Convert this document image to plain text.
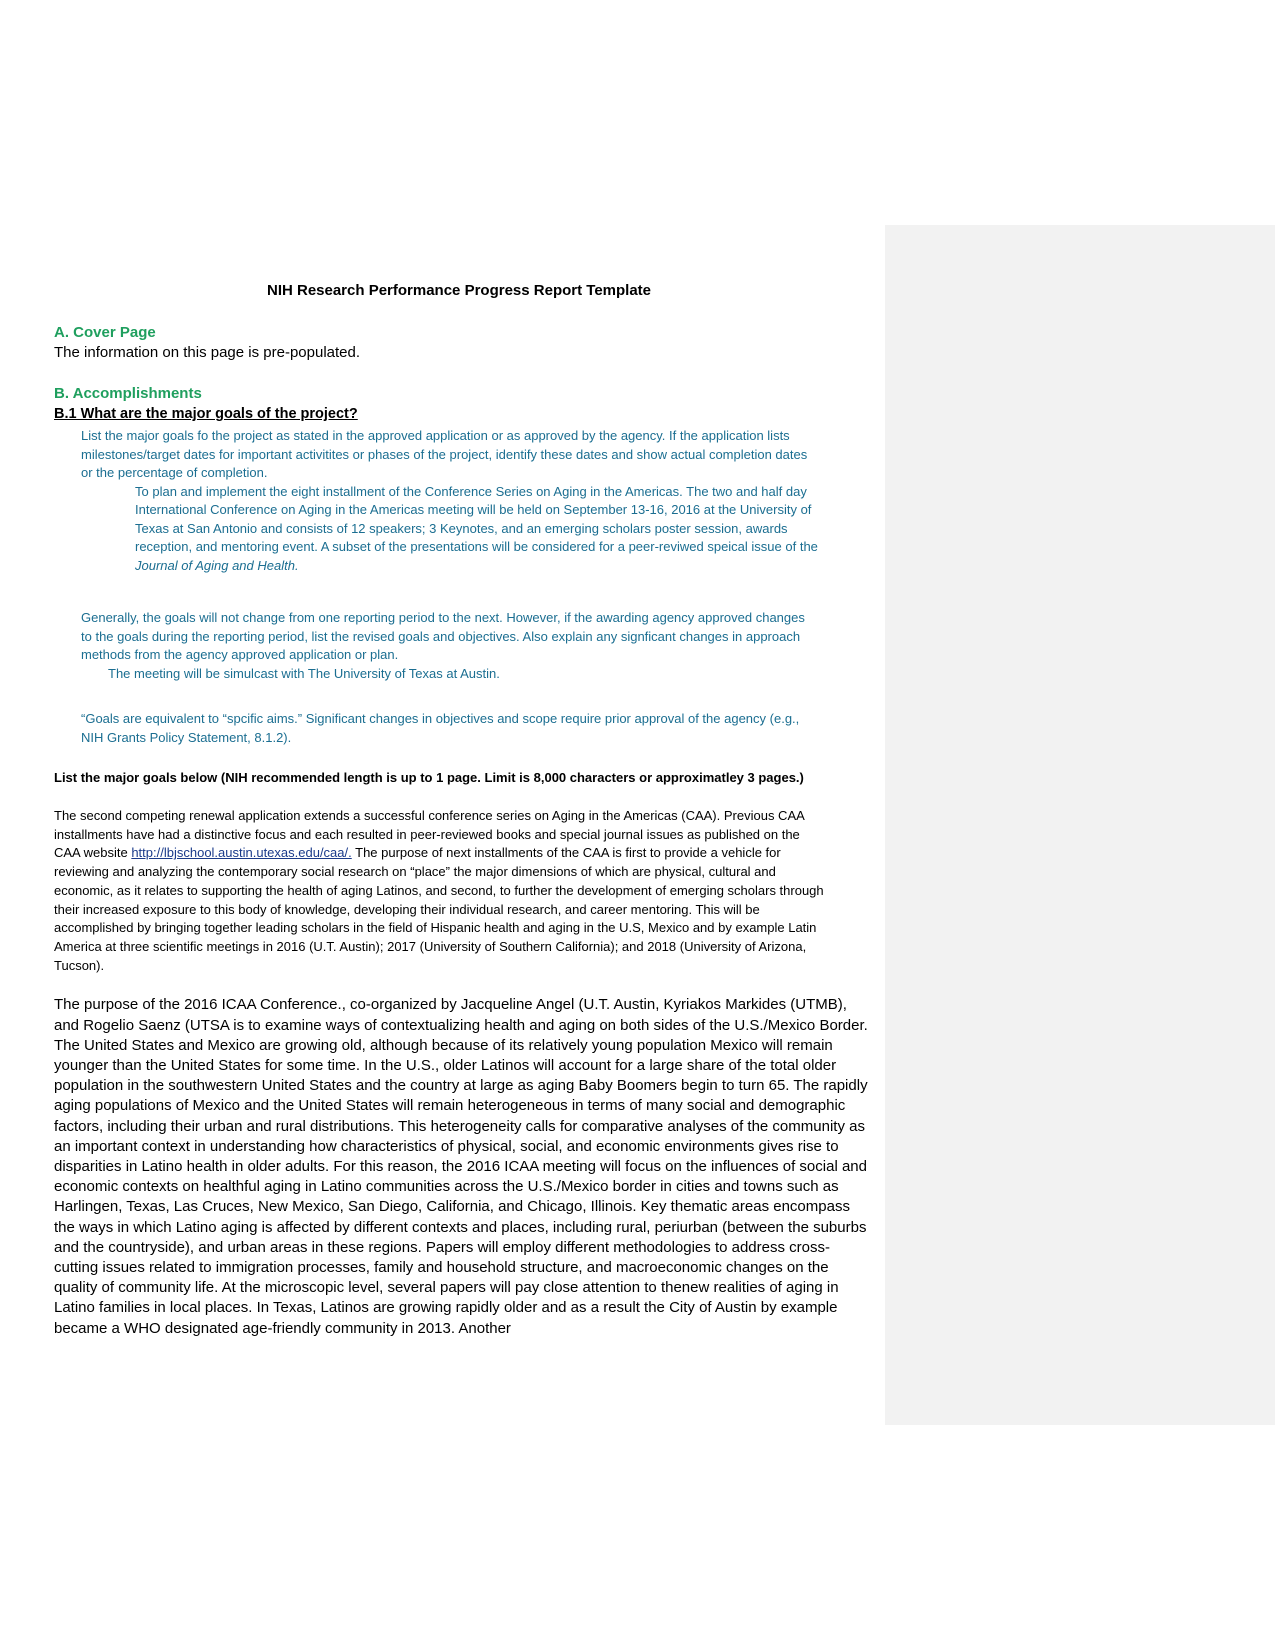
NIH Research Performance Progress Report Template

A. Cover Page

The information on this page is pre-populated.

B. Accomplishments

B.1 What are the major goals of the project?

List the major goals fo the project as stated in the approved application or as approved by the agency. If the application lists milestones/target dates for important activitites or phases of the project, identify these dates and show actual completion dates or the percentage of completion.

To plan and implement the eight installment of the Conference Series on Aging in the Americas. The two and half day International Conference on Aging in the Americas meeting will be held on September 13-16, 2016 at the University of Texas at San Antonio and consists of 12 speakers; 3 Keynotes, and an emerging scholars poster session, awards reception, and mentoring event. A subset of the presentations will be considered for a peer-reviwed speical issue of the Journal of Aging and Health.

Generally, the goals will not change from one reporting period to the next. However, if the awarding agency approved changes to the goals during the reporting period, list the revised goals and objectives. Also explain any signficant changes in approach methods from the agency approved application or plan.

The meeting will be simulcast with The University of Texas at Austin.

“Goals are equivalent to “spcific aims.” Significant changes in objectives and scope require prior approval of the agency (e.g., NIH Grants Policy Statement, 8.1.2).

List the major goals below (NIH recommended length is up to 1 page. Limit is 8,000 characters or approximatley 3 pages.)

The second competing renewal application extends a successful conference series on Aging in the Americas (CAA). Previous CAA installments have had a distinctive focus and each resulted in peer-reviewed books and special journal issues as published on the CAA website http://lbjschool.austin.utexas.edu/caa/. The purpose of next installments of the CAA is first to provide a vehicle for reviewing and analyzing the contemporary social research on “place” the major dimensions of which are physical, cultural and economic, as it relates to supporting the health of aging Latinos, and second, to further the development of emerging scholars through their increased exposure to this body of knowledge, developing their individual research, and career mentoring. This will be accomplished by bringing together leading scholars in the field of Hispanic health and aging in the U.S, Mexico and by example Latin America at three scientific meetings in 2016 (U.T. Austin); 2017 (University of Southern California); and 2018 (University of Arizona, Tucson).

The purpose of the 2016 ICAA Conference., co-organized by Jacqueline Angel (U.T. Austin, Kyriakos Markides (UTMB), and Rogelio Saenz (UTSA is to examine ways of contextualizing health and aging on both sides of the U.S./Mexico Border. The United States and Mexico are growing old, although because of its relatively young population Mexico will remain younger than the United States for some time. In the U.S., older Latinos will account for a large share of the total older population in the southwestern United States and the country at large as aging Baby Boomers begin to turn 65. The rapidly aging populations of Mexico and the United States will remain heterogeneous in terms of many social and demographic factors, including their urban and rural distributions. This heterogeneity calls for comparative analyses of the community as an important context in understanding how characteristics of physical, social, and economic environments gives rise to disparities in Latino health in older adults. For this reason, the 2016 ICAA meeting will focus on the influences of social and economic contexts on healthful aging in Latino communities across the U.S./Mexico border in cities and towns such as Harlingen, Texas, Las Cruces, New Mexico, San Diego, California, and Chicago, Illinois. Key thematic areas encompass the ways in which Latino aging is affected by different contexts and places, including rural, periurban (between the suburbs and the countryside), and urban areas in these regions. Papers will employ different methodologies to address cross-cutting issues related to immigration processes, family and household structure, and macroeconomic changes on the quality of community life. At the microscopic level, several papers will pay close attention to thenew realities of aging in Latino families in local places. In Texas, Latinos are growing rapidly older and as a result the City of Austin by example became a WHO designated age-friendly community in 2013. Another
